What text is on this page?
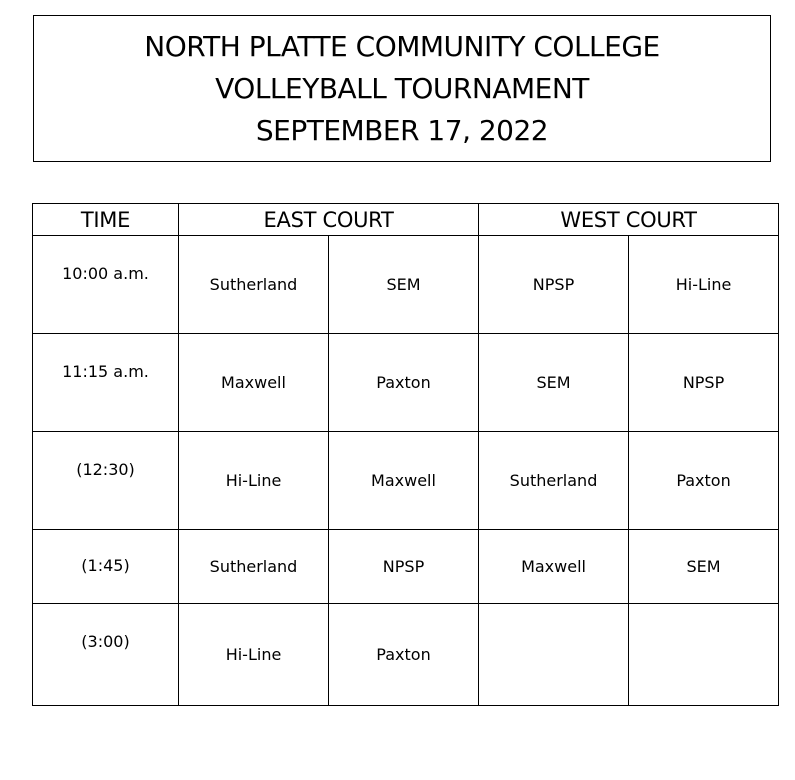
NORTH PLATTE COMMUNITY COLLEGE
VOLLEYBALL TOURNAMENT
SEPTEMBER 17, 2022
TIME	EAST COURT		WEST COURT	
10:00 a.m.	Sutherland	SEM	NPSP	Hi-Line
11:15 a.m.	Maxwell	Paxton	SEM	NPSP
(12:30)	Hi-Line	Maxwell	Sutherland	Paxton
(1:45)	Sutherland	NPSP	Maxwell	SEM
(3:00)	Hi-Line	Paxton		
